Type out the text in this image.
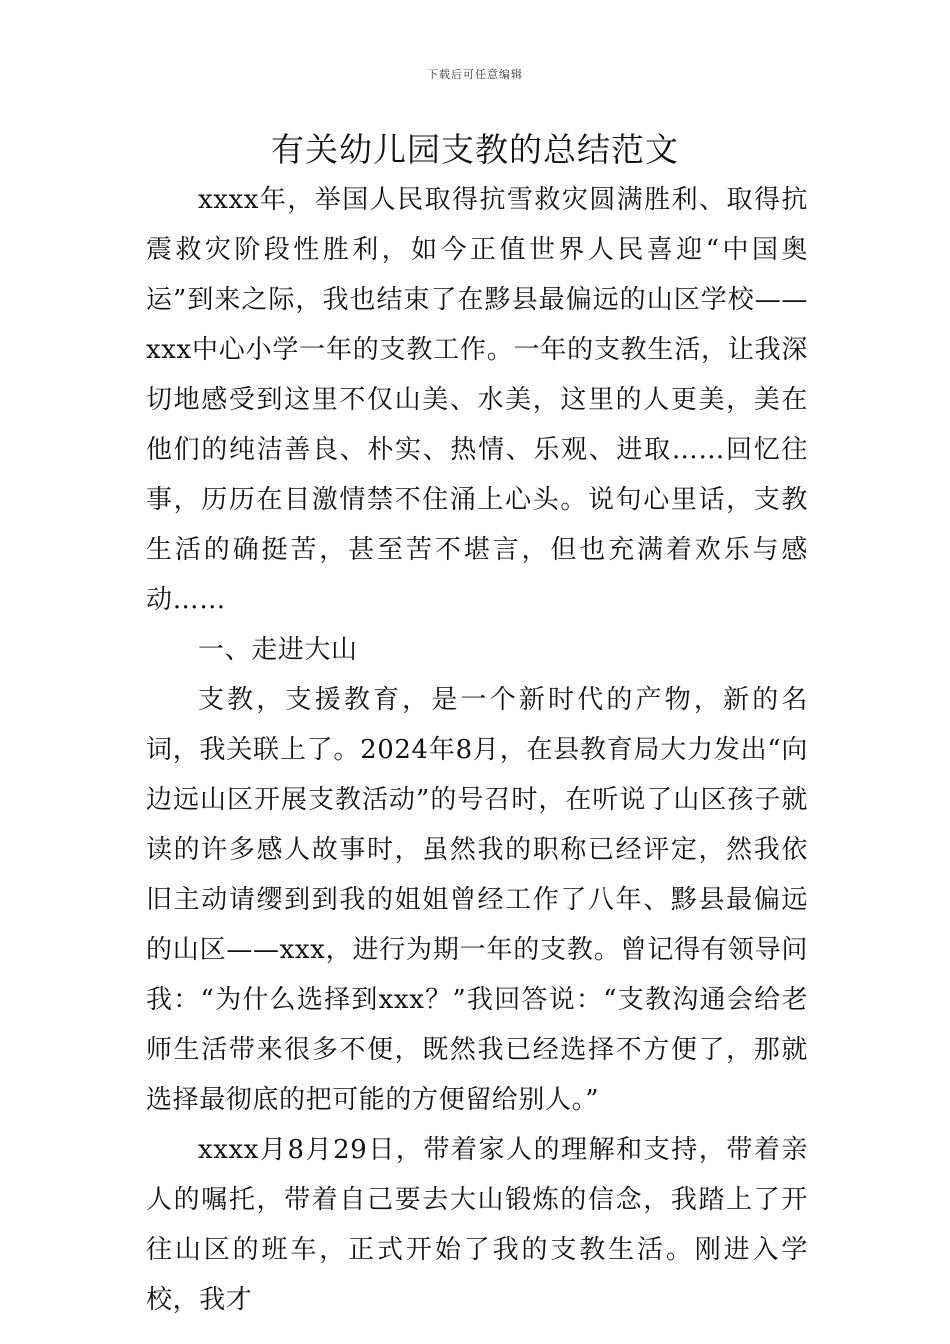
下载后可任意编辑
有关幼儿园支教的总结范文

xxxx年，举国人民取得抗雪救灾圆满胜利、取得抗震救灾阶段性胜利，如今正值世界人民喜迎“中国奥运”到来之际，我也结束了在黟县最偏远的山区学校——xxx中心小学一年的支教工作。一年的支教生活，让我深切地感受到这里不仅山美、水美，这里的人更美，美在他们的纯洁善良、朴实、热情、乐观、进取……回忆往事，历历在目激情禁不住涌上心头。说句心里话，支教生活的确挺苦，甚至苦不堪言，但也充满着欢乐与感动……

一、走进大山

支教，支援教育，是一个新时代的产物，新的名词，我关联上了。2024年8月，在县教育局大力发出“向边远山区开展支教活动”的号召时，在听说了山区孩子就读的许多感人故事时，虽然我的职称已经评定，然我依旧主动请缨到到我的姐姐曾经工作了八年、黟县最偏远的山区——xxx，进行为期一年的支教。曾记得有领导问我：“为什么选择到xxx？”我回答说：“支教沟通会给老师生活带来很多不便，既然我已经选择不方便了，那就选择最彻底的把可能的方便留给别人。”

xxxx月8月29日，带着家人的理解和支持，带着亲人的嘱托，带着自己要去大山锻炼的信念，我踏上了开往山区的班车，正式开始了我的支教生活。刚进入学校，我才
